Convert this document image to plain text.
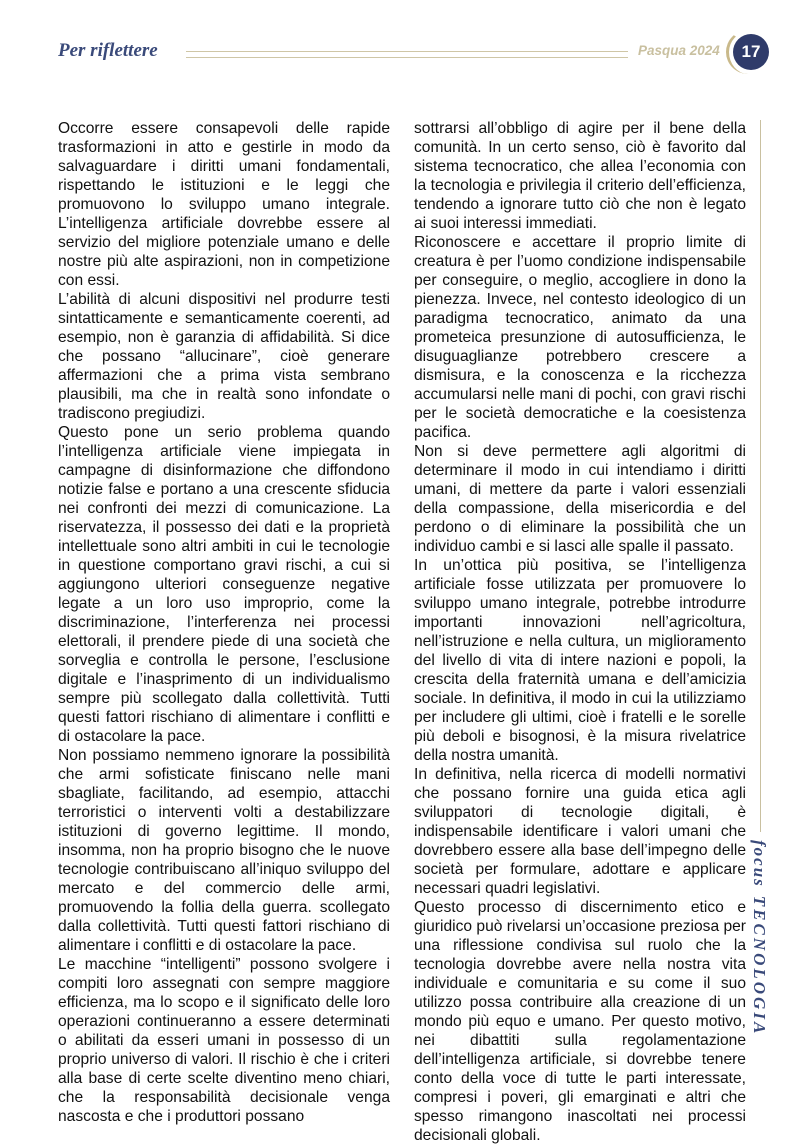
Per riflettere	Pasqua 2024	17

Occorre essere consapevoli delle rapide trasformazioni in atto e gestirle in modo da salvaguardare i diritti umani fondamentali, rispettando le istituzioni e le leggi che promuovono lo sviluppo umano integrale. L’intelligenza artificiale dovrebbe essere al servizio del migliore potenziale umano e delle nostre più alte aspirazioni, non in competizione con essi.

L’abilità di alcuni dispositivi nel produrre testi sintatticamente e semanticamente coerenti, ad esempio, non è garanzia di affidabilità. Si dice che possano “allucinare”, cioè generare affermazioni che a prima vista sembrano plausibili, ma che in realtà sono infondate o tradiscono pregiudizi.

Questo pone un serio problema quando l’intelligenza artificiale viene impiegata in campagne di disinformazione che diffondono notizie false e portano a una crescente sfiducia nei confronti dei mezzi di comunicazione. La riservatezza, il possesso dei dati e la proprietà intellettuale sono altri ambiti in cui le tecnologie in questione comportano gravi rischi, a cui si aggiungono ulteriori conseguenze negative legate a un loro uso improprio, come la discriminazione, l’interferenza nei processi elettorali, il prendere piede di una società che sorveglia e controlla le persone, l’esclusione digitale e l’inasprimento di un individualismo sempre più scollegato dalla collettività. Tutti questi fattori rischiano di alimentare i conflitti e di ostacolare la pace.

Non possiamo nemmeno ignorare la possibilità che armi sofisticate finiscano nelle mani sbagliate, facilitando, ad esempio, attacchi terroristici o interventi volti a destabilizzare istituzioni di governo legittime. Il mondo, insomma, non ha proprio bisogno che le nuove tecnologie contribuiscano all’iniquo sviluppo del mercato e del commercio delle armi, promuovendo la follia della guerra. scollegato dalla collettività. Tutti questi fattori rischiano di alimentare i conflitti e di ostacolare la pace.

Le macchine “intelligenti” possono svolgere i compiti loro assegnati con sempre maggiore efficienza, ma lo scopo e il significato delle loro operazioni continueranno a essere determinati o abilitati da esseri umani in possesso di un proprio universo di valori. Il rischio è che i criteri alla base di certe scelte diventino meno chiari, che la responsabilità decisionale venga nascosta e che i produttori possano

sottrarsi all’obbligo di agire per il bene della comunità. In un certo senso, ciò è favorito dal sistema tecnocratico, che allea l’economia con la tecnologia e privilegia il criterio dell’efficienza, tendendo a ignorare tutto ciò che non è legato ai suoi interessi immediati.

Riconoscere e accettare il proprio limite di creatura è per l’uomo condizione indispensabile per conseguire, o meglio, accogliere in dono la pienezza. Invece, nel contesto ideologico di un paradigma tecnocratico, animato da una prometeica presunzione di autosufficienza, le disuguaglianze potrebbero crescere a dismisura, e la conoscenza e la ricchezza accumularsi nelle mani di pochi, con gravi rischi per le società democratiche e la coesistenza pacifica.

Non si deve permettere agli algoritmi di determinare il modo in cui intendiamo i diritti umani, di mettere da parte i valori essenziali della compassione, della misericordia e del perdono o di eliminare la possibilità che un individuo cambi e si lasci alle spalle il passato.

In un’ottica più positiva, se l’intelligenza artificiale fosse utilizzata per promuovere lo sviluppo umano integrale, potrebbe introdurre importanti innovazioni nell’agricoltura, nell’istruzione e nella cultura, un miglioramento del livello di vita di intere nazioni e popoli, la crescita della fraternità umana e dell’amicizia sociale. In definitiva, il modo in cui la utilizziamo per includere gli ultimi, cioè i fratelli e le sorelle più deboli e bisognosi, è la misura rivelatrice della nostra umanità.

In definitiva, nella ricerca di modelli normativi che possano fornire una guida etica agli sviluppatori di tecnologie digitali, è indispensabile identificare i valori umani che dovrebbero essere alla base dell’impegno delle società per formulare, adottare e applicare necessari quadri legislativi.

Questo processo di discernimento etico e giuridico può rivelarsi un’occasione preziosa per una riflessione condivisa sul ruolo che la tecnologia dovrebbe avere nella nostra vita individuale e comunitaria e su come il suo utilizzo possa contribuire alla creazione di un mondo più equo e umano. Per questo motivo, nei dibattiti sulla regolamentazione dell’intelligenza artificiale, si dovrebbe tenere conto della voce di tutte le parti interessate, compresi i poveri, gli emarginati e altri che spesso rimangono inascoltati nei processi decisionali globali.

focusTECNOLOGIA
